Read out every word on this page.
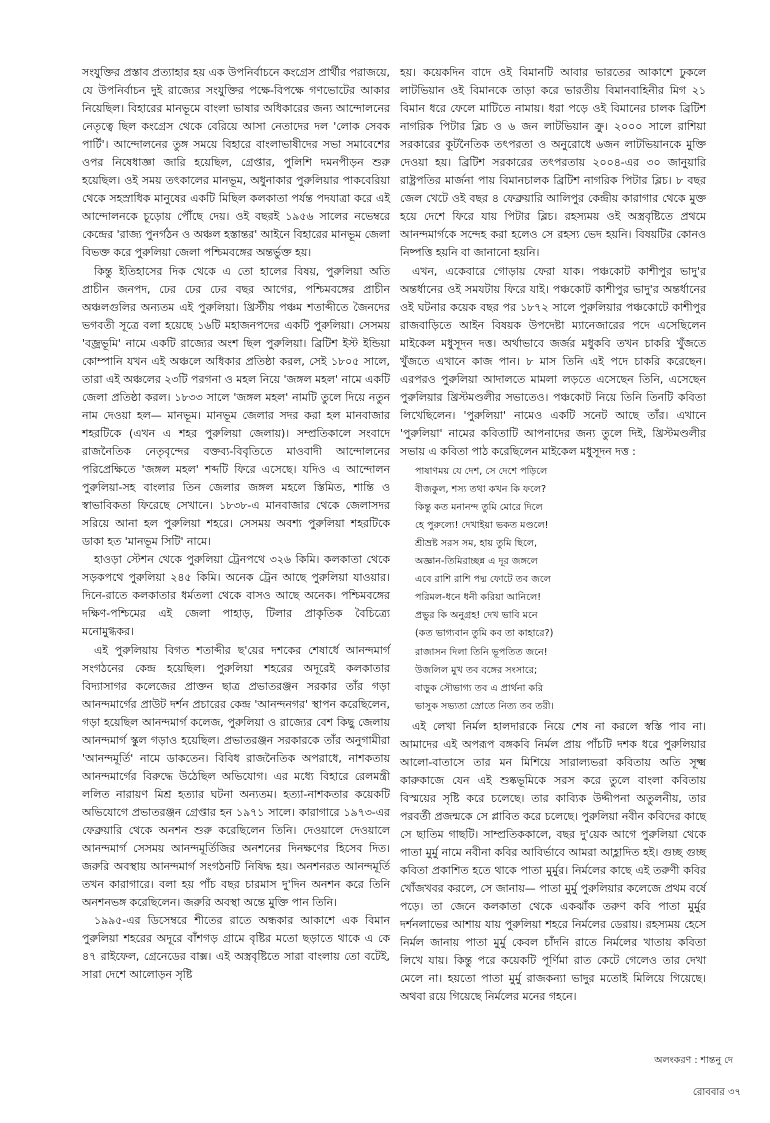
সংযুক্তির প্রস্তাব প্রত্যাহার হয় এক উপনির্বাচনে কংগ্রেস প্রার্থীর পরাজয়ে, যে উপনির্বাচন দুই রাজ্যের সংযুক্তির পক্ষে-বিপক্ষে গণভোটের আকার নিয়েছিল। বিহারের মানভূমে বাংলা ভাষার অধিকারের জন্য আন্দোলনের নেতৃত্বে ছিল কংগ্রেস থেকে বেরিয়ে আসা নেতাদের দল 'লোক সেবক পার্টি'। আন্দোলনের তুঙ্গ সময়ে বিহারে বাংলাভাষীদের সভা সমাবেশের ওপর নিষেধাজ্ঞা জারি হয়েছিল, গ্রেপ্তার, পুলিশি দমনপীড়ন শুরু হয়েছিল। ওই সময় তৎকালের মানভূম, অধুনাকার পুরুলিয়ার পাকবেরিয়া থেকে সহস্রাধিক মানুষের একটি মিছিল কলকাতা পর্যন্ত পদযাত্রা করে এই আন্দোলনকে চূড়োয় পৌঁছে দেয়। ওই বছরই ১৯৫৬ সালের নভেম্বরে কেন্দ্রের 'রাজ্য পুনর্গঠন ও অঞ্চল হস্তান্তর' আইনে বিহারের মানভূম জেলা বিভক্ত করে পুরুলিয়া জেলা পশ্চিমবঙ্গের অন্তর্ভুক্ত হয়।

কিন্তু ইতিহাসের দিক থেকে এ তো হালের বিষয়, পুরুলিয়া অতি প্রাচীন জনপদ, ঢের ঢের ঢের বছর আগের, পশ্চিমবঙ্গের প্রাচীন অঞ্চলগুলির অন্যতম এই পুরুলিয়া। খ্রিস্টীয় পঞ্চম শতাব্দীতে জৈনদের ভগবতী সূত্রে বলা হয়েছে ১৬টি মহাজনপদের একটি পুরুলিয়া। সেসময় 'বজ্রভূমি' নামে একটি রাজ্যের অংশ ছিল পুরুলিয়া। ব্রিটিশ ইস্ট ইন্ডিয়া কোম্পানি যখন এই অঞ্চলে অধিকার প্রতিষ্ঠা করল, সেই ১৮০৫ সালে, তারা এই অঞ্চলের ২৩টি পরগনা ও মহল নিয়ে 'জঙ্গল মহল' নামে একটি জেলা প্রতিষ্ঠা করল। ১৮৩৩ সালে 'জঙ্গল মহল' নামটি তুলে দিয়ে নতুন নাম দেওয়া হল— মানভূম। মানভূম জেলার সদর করা হল মানবাজার শহরটিকে (এখন এ শহর পুরুলিয়া জেলায়)। সম্প্রতিকালে সংবাদে রাজনৈতিক নেতৃবৃন্দের বক্তব্য-বিবৃতিতে মাওবাদী আন্দোলনের পরিপ্রেক্ষিতে 'জঙ্গল মহল' শব্দটি ফিরে এসেছে। যদিও এ আন্দোলন পুরুলিয়া-সহ বাংলার তিন জেলার জঙ্গল মহলে স্তিমিত, শান্তি ও স্বাভাবিকতা ফিরেছে সেখানে। ১৮৩৮-এ মানবাজার থেকে জেলাসদর সরিয়ে আনা হল পুরুলিয়া শহরে। সেসময় অবশ্য পুরুলিয়া শহরটিকে ডাকা হত 'মানভূম সিটি' নামে।

হাওড়া স্টেশন থেকে পুরুলিয়া ট্রেনপথে ৩২৬ কিমি। কলকাতা থেকে সড়কপথে পুরুলিয়া ২৪৫ কিমি। অনেক ট্রেন আছে পুরুলিয়া যাওয়ার। দিনে-রাতে কলকাতার ধর্মতলা থেকে বাসও আছে অনেক। পশ্চিমবঙ্গের দক্ষিণ-পশ্চিমের এই জেলা পাহাড়, টিলার প্রাকৃতিক বৈচিত্র্যে মনোমুগ্ধকর।

এই পুরুলিয়ায় বিগত শতাব্দীর ছ'য়ের দশকের শেষার্ধে আনন্দমার্গ সংগঠনের কেন্দ্র হয়েছিল। পুরুলিয়া শহরের অদূরেই কলকাতার বিদ্যাসাগর কলেজের প্রাক্তন ছাত্র প্রভাতরঞ্জন সরকার তাঁর গড়া আনন্দমার্গের প্রাউট দর্শন প্রচারের কেন্দ্র 'আনন্দনগর' স্থাপন করেছিলেন, গড়া হয়েছিল আনন্দমার্গ কলেজ, পুরুলিয়া ও রাজ্যের বেশ কিছু জেলায় আনন্দমার্গ স্কুল গড়াও হয়েছিল। প্রভাতরঞ্জন সরকারকে তাঁর অনুগামীরা 'আনন্দমূর্তি' নামে ডাকতেন। বিবিধ রাজনৈতিক অপরাধে, নাশকতায় আনন্দমার্গের বিরুদ্ধে উঠেছিল অভিযোগ। এর মধ্যে বিহারে রেলমন্ত্রী ললিত নারায়ণ মিশ্র হত্যার ঘটনা অন্যতম। হত্যা-নাশকতার কয়েকটি অভিযোগে প্রভাতরঞ্জন গ্রেপ্তার হন ১৯৭১ সালে। কারাগারে ১৯৭৩-এর ফেব্রুয়ারি থেকে অনশন শুরু করেছিলেন তিনি। দেওয়ালে দেওয়ালে আনন্দমার্গ সেসময় আনন্দমূর্তিজির অনশনের দিনক্ষণের হিসেব দিত। জরুরি অবস্থায় আনন্দমার্গ সংগঠনটি নিষিদ্ধ হয়। অনশনরত আনন্দমূর্তি তখন কারাগারে। বলা হয় পাঁচ বছর চারমাস দু'দিন অনশন করে তিনি অনশনভঙ্গ করেছিলেন। জরুরি অবস্থা অন্তে মুক্তি পান তিনি।

১৯৯৫-এর ডিসেম্বরে শীতের রাতে অন্ধকার আকাশে এক বিমান পুরুলিয়া শহরের অদূরে বাঁশগড় গ্রামে বৃষ্টির মতো ছড়াতে থাকে এ কে ৪৭ রাইফেল, গ্রেনেডের বাক্স। এই অস্ত্রবৃষ্টিতে সারা বাংলায় তো বটেই, সারা দেশে আলোড়ন সৃষ্টি

হয়। কয়েকদিন বাদে ওই বিমানটি আবার ভারতের আকাশে ঢুকলে লাটভিয়ান ওই বিমানকে তাড়া করে ভারতীয় বিমানবাহিনীর মিগ ২১ বিমান ধরে ফেলে মাটিতে নামায়। ধরা পড়ে ওই বিমানের চালক ব্রিটিশ নাগরিক পিটার ব্লিচ ও ৬ জন লাটভিয়ান ক্রু। ২০০০ সালে রাশিয়া সরকারের কূটনৈতিক তৎপরতা ও অনুরোধে ৬জন লাটভিয়ানকে মুক্তি দেওয়া হয়। ব্রিটিশ সরকারের তৎপরতায় ২০০৪-এর ৩০ জানুয়ারি রাষ্ট্রপতির মার্জনা পায় বিমানচালক ব্রিটিশ নাগরিক পিটার ব্লিচ। ৮ বছর জেল খেটে ওই বছর ৪ ফেব্রুয়ারি আলিপুর কেন্দ্রীয় কারাগার থেকে মুক্ত হয়ে দেশে ফিরে যায় পিটার ব্লিচ। রহস্যময় ওই অস্ত্রবৃষ্টিতে প্রথমে আনন্দমার্গকে সন্দেহ করা হলেও সে রহস্য ভেদ হয়নি। বিষয়টির কোনও নিষ্পত্তি হয়নি বা জানানো হয়নি।

এখন, একেবারে গোড়ায় ফেরা যাক। পঞ্চকোট কাশীপুর ভাদু'র অন্তর্ধানের ওই সমযটায় ফিরে যাই। পঞ্চকোট কাশীপুর ভাদু'র অন্তর্ধানের ওই ঘটনার কয়েক বছর পর ১৮৭২ সালে পুরুলিয়ার পঞ্চকোটে কাশীপুর রাজবাড়িতে আইন বিষয়ক উপদেষ্টা ম্যানেজারের পদে এসেছিলেন মাইকেল মধুসূদন দত্ত। অর্থাভাবে জর্জর মধুকবি তখন চাকরি খুঁজতে খুঁজতে এখানে কাজ পান। ৮ মাস তিনি এই পদে চাকরি করেছেন। এরপরও পুরুলিয়া আদালতে মামলা লড়তে এসেছেন তিনি, এসেছেন পুরুলিয়ার খ্রিস্টমণ্ডলীর সভাতেও। পঞ্চকোট নিয়ে তিনি তিনটি কবিতা লিখেছিলেন। 'পুরুলিয়া' নামেও একটি সনেট আছে তাঁর। এখানে 'পুরুলিয়া' নামের কবিতাটি আপনাদের জন্য তুলে দিই, খ্রিস্টমণ্ডলীর সভায় এ কবিতা পাঠ করেছিলেন মাইকেল মধুসূদন দত্ত :

পাষাণময় যে দেশ, সে দেশে পড়িলে
বীজকুল, শস্য তথা কখন কি ফলে?
কিন্তু কত মনানন্দ তুমি মোরে দিলে
হে পুরুল্যে! দেখাইয়া ভকত মণ্ডলে!
শ্রীভ্রষ্ট সরস সম, হায় তুমি ছিলে,
অজ্ঞান-তিমিরাচ্ছন্ন এ দূর জঙ্গলে
এবে রাশি রাশি পদ্ম ফোটে তব জলে
পরিমল-ধনে ধনী করিয়া আনিলে!
প্রভুর কি অনুগ্রহ! দেখ ভাবি মনে
(কত ভাগ্যবান তুমি কব তা কাহারে?)
রাজাসন দিলা তিনি ভূপতিত জনে!
উজলিল মুখ তব বঙ্গের সংসারে;
বাড়ুক সৌভাগ্য তব এ প্রার্থনা করি
ভাসুক সভ্যতা স্রোতে নিত্য তব তরী।

এই লেখা নির্মল হালদারকে নিয়ে শেষ না করলে স্বস্তি পাব না। আমাদের এই অপরূপ বঙ্গকবি নির্মল প্রায় পাঁচটি দশক ধরে পুরুলিয়ার আলো-বাতাসে তার মন মিশিয়ে সারাল্যভরা কবিতায় অতি সূক্ষ্ম কারুকাজে যেন এই শুষ্কভূমিকে সরস করে তুলে বাংলা কবিতায় বিস্ময়ের সৃষ্টি করে চলেছে। তার কাব্যিক উদ্দীপনা অতুলনীয়, তার পরবর্তী প্রজন্মকে সে প্লাবিত করে চলেছে। পুরুলিয়া নবীন কবিদের কাছে সে ছাতিম গাছটি। সাম্প্রতিককালে, বছর দু'য়েক আগে পুরুলিয়া থেকে পাতা মুর্মু নামে নবীনা কবির আবির্ভাবে আমরা আহ্লাদিত হই। গুচ্ছ গুচ্ছ কবিতা প্রকাশিত হতে থাকে পাতা মুর্মুর। নির্মলের কাছে এই তরুণী কবির খোঁজখবর করলে, সে জানায়— পাতা মুর্মু পুরুলিয়ার কলেজে প্রথম বর্ষে পড়ে। তা জেনে কলকাতা থেকে একঝাঁক তরুণ কবি পাতা মুর্মুর দর্শনলাভের আশায় যায় পুরুলিয়া শহরে নির্মলের ডেরায়। রহস্যময় হেসে নির্মল জানায় পাতা মুর্মু কেবল চাঁদনি রাতে নির্মলের খাতায় কবিতা লিখে যায়। কিন্তু পরে কয়েকটি পূর্ণিমা রাত কেটে গেলেও তার দেখা মেলে না। হয়তো পাতা মুর্মু রাজকন্যা ভাদুর মতোই মিলিয়ে গিয়েছে। অথবা রয়ে গিয়েছে নির্মলের মনের গহনে।

অলংকরণ : শান্তনু দে
রোববার ৩৭
